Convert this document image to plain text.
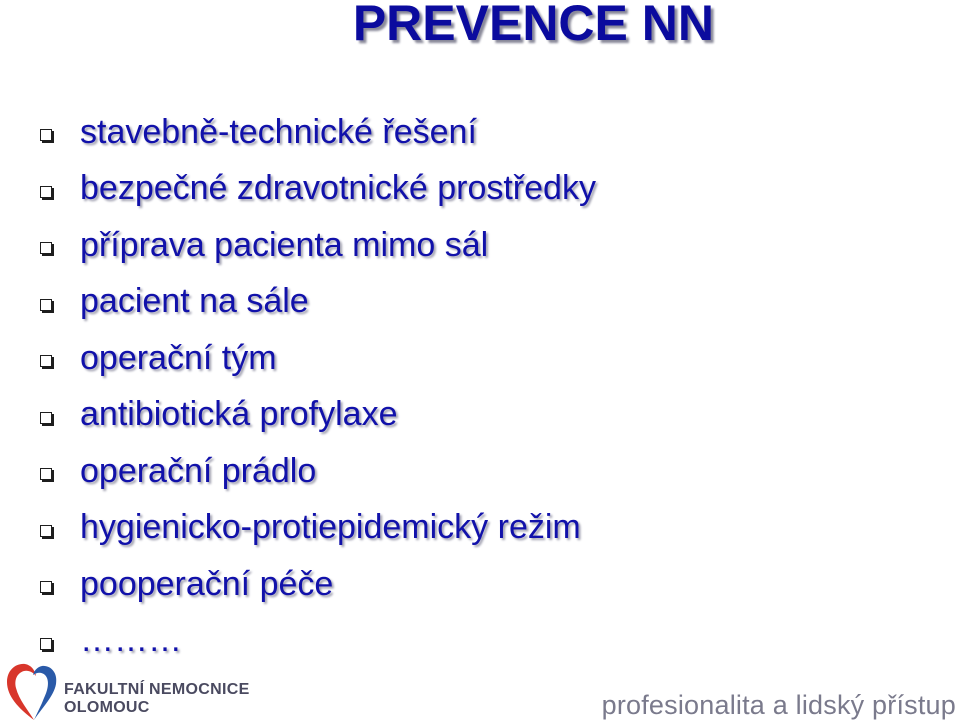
PREVENCE NN
stavebně-technické řešení
bezpečné zdravotnické prostředky
příprava pacienta mimo sál
pacient na sále
operační tým
antibiotická profylaxe
operační prádlo
hygienicko-protiepidemický režim
pooperační péče
………
FAKULTNÍ NEMOCNICE
OLOMOUC	profesionalita a lidský přístup
